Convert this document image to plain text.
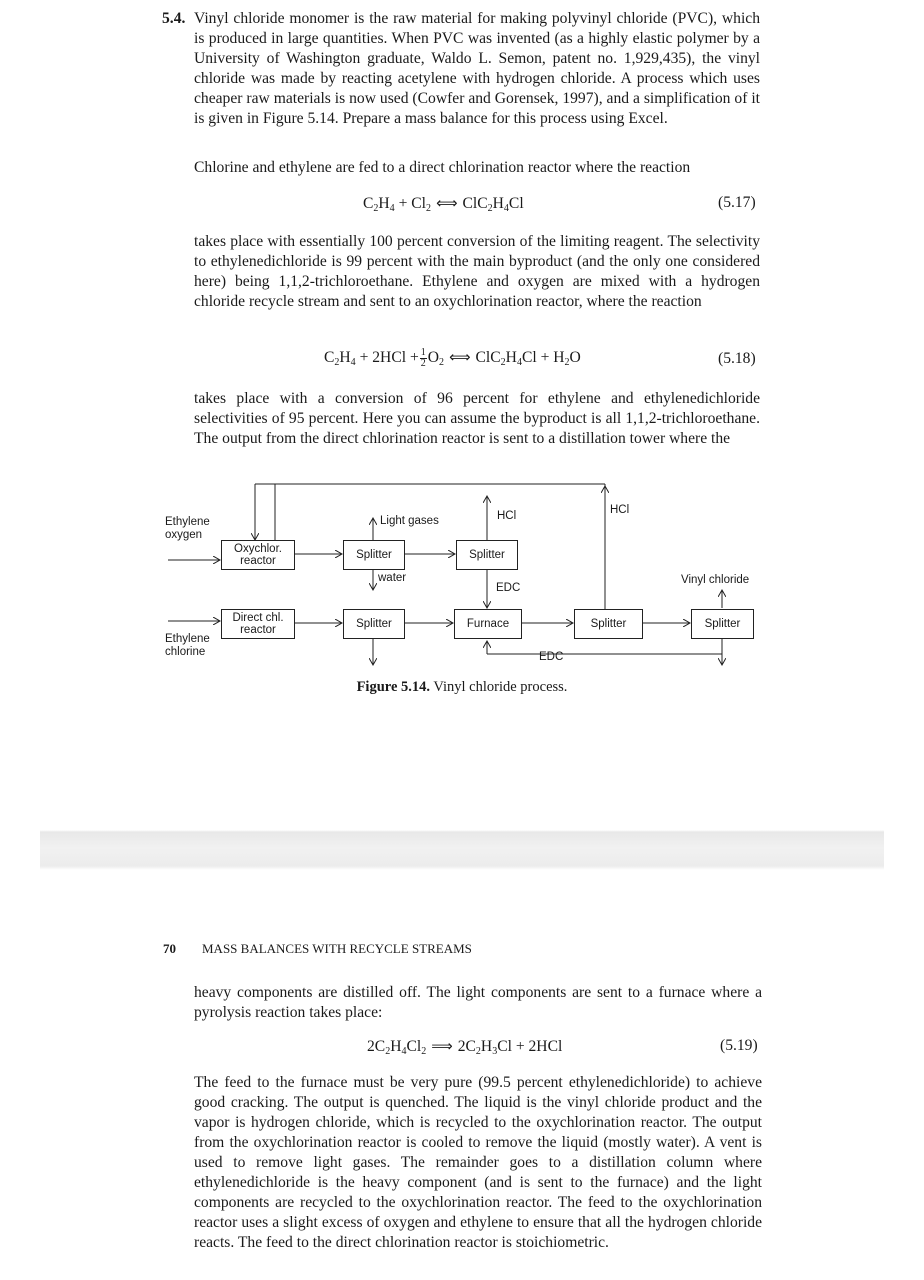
5.4. Vinyl chloride monomer is the raw material for making polyvinyl chloride (PVC), which is produced in large quantities. When PVC was invented (as a highly elastic polymer by a University of Washington graduate, Waldo L. Semon, patent no. 1,929,435), the vinyl chloride was made by reacting acetylene with hydrogen chloride. A process which uses cheaper raw materials is now used (Cowfer and Gorensek, 1997), and a simplification of it is given in Figure 5.14. Prepare a mass balance for this process using Excel.

Chlorine and ethylene are fed to a direct chlorination reactor where the reaction

$C_2H_4 + Cl_2$ ⟺ $ClC_2H_4Cl$	(5.17)

takes place with essentially 100 percent conversion of the limiting reagent. The selectivity to ethylenedichloride is 99 percent with the main byproduct (and the only one considered here) being 1,1,2-trichloroethane. Ethylene and oxygen are mixed with a hydrogen chloride recycle stream and sent to an oxychlorination reactor, where the reaction

$C_2H_4 + 2HCl + \frac{1}{2} O_2$ ⟺ $ClC_2H_4Cl + H_2O$	(5.18)

takes place with a conversion of 96 percent for ethylene and ethylenedichloride selectivities of 95 percent. Here you can assume the byproduct is all 1,1,2-trichloroethane. The output from the direct chlorination reactor is sent to a distillation tower where the

Ethylene
oxygen
Ethylene
chlorine
Oxychlor.
reactor
Direct chl.
reactor
Splitter	Splitter
Splitter	Furnace	Splitter	Splitter
Light gases
water
HCl	HCl
EDC
EDC
Vinyl chloride
Figure 5.14. Vinyl chloride process.
70 MASS BALANCES WITH RECYCLE STREAMS

heavy components are distilled off. The light components are sent to a furnace where a pyrolysis reaction takes place:

$2C_2H_4Cl_2$ ⟹ $2C_2H_3Cl + 2HCl$	(5.19)

The feed to the furnace must be very pure (99.5 percent ethylenedichloride) to achieve good cracking. The output is quenched. The liquid is the vinyl chloride product and the vapor is hydrogen chloride, which is recycled to the oxychlorination reactor. The output from the oxychlorination reactor is cooled to remove the liquid (mostly water). A vent is used to remove light gases. The remainder goes to a distillation column where ethylenedichloride is the heavy component (and is sent to the furnace) and the light components are recycled to the oxychlorination reactor. The feed to the oxychlorination reactor uses a slight excess of oxygen and ethylene to ensure that all the hydrogen chloride reacts. The feed to the direct chlorination reactor is stoichiometric.
